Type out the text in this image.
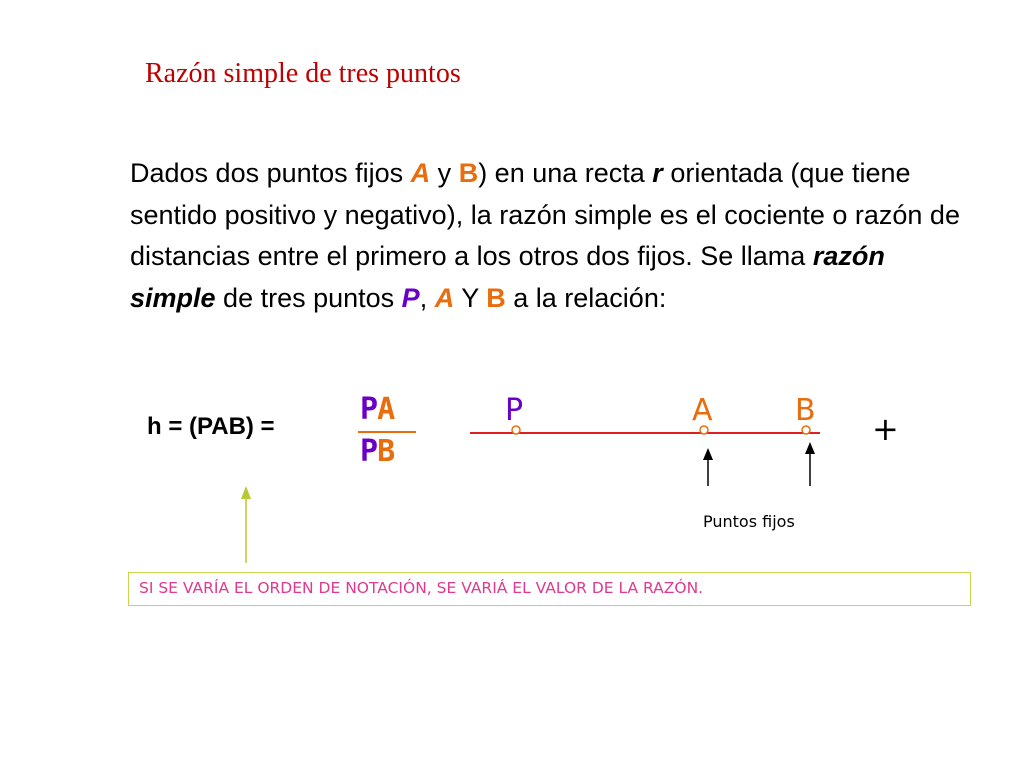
Razón simple de tres puntos
Dados dos puntos fijos A y B) en una recta r orientada (que tiene sentido positivo y negativo), la razón simple es el cociente o razón de distancias entre el primero a los otros dos fijos. Se llama razón simple de tres puntos P, A Y B a la relación:
h = (PAB) =	PA
PB
P	A	B +
Puntos fijos
SI SE VARÍA EL ORDEN DE NOTACIÓN, SE VARIÁ EL VALOR DE LA RAZÓN.
